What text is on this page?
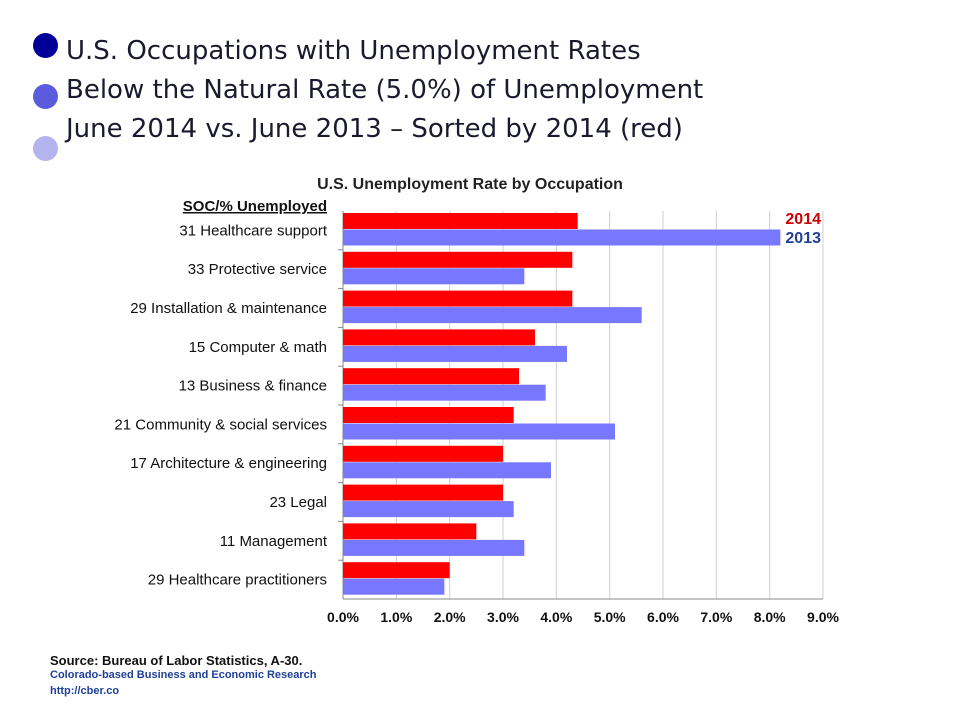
U.S. Occupations with Unemployment Rates
Below the Natural Rate (5.0%) of Unemployment
June 2014 vs. June 2013 – Sorted by 2014 (red)
U.S. Unemployment Rate by Occupation
SOC/% Unemployed
31 Healthcare support
33 Protective service
29 Installation & maintenance
15 Computer & math
13 Business & finance
21 Community & social services
17 Architecture & engineering
23 Legal
11 Management
29 Healthcare practitioners
0.0% 1.0% 2.0% 3.0% 4.0% 5.0% 6.0% 7.0% 8.0% 9.0%
2014
2013
Source: Bureau of Labor Statistics, A-30.
Colorado-based Business and Economic Research
http://cber.co
